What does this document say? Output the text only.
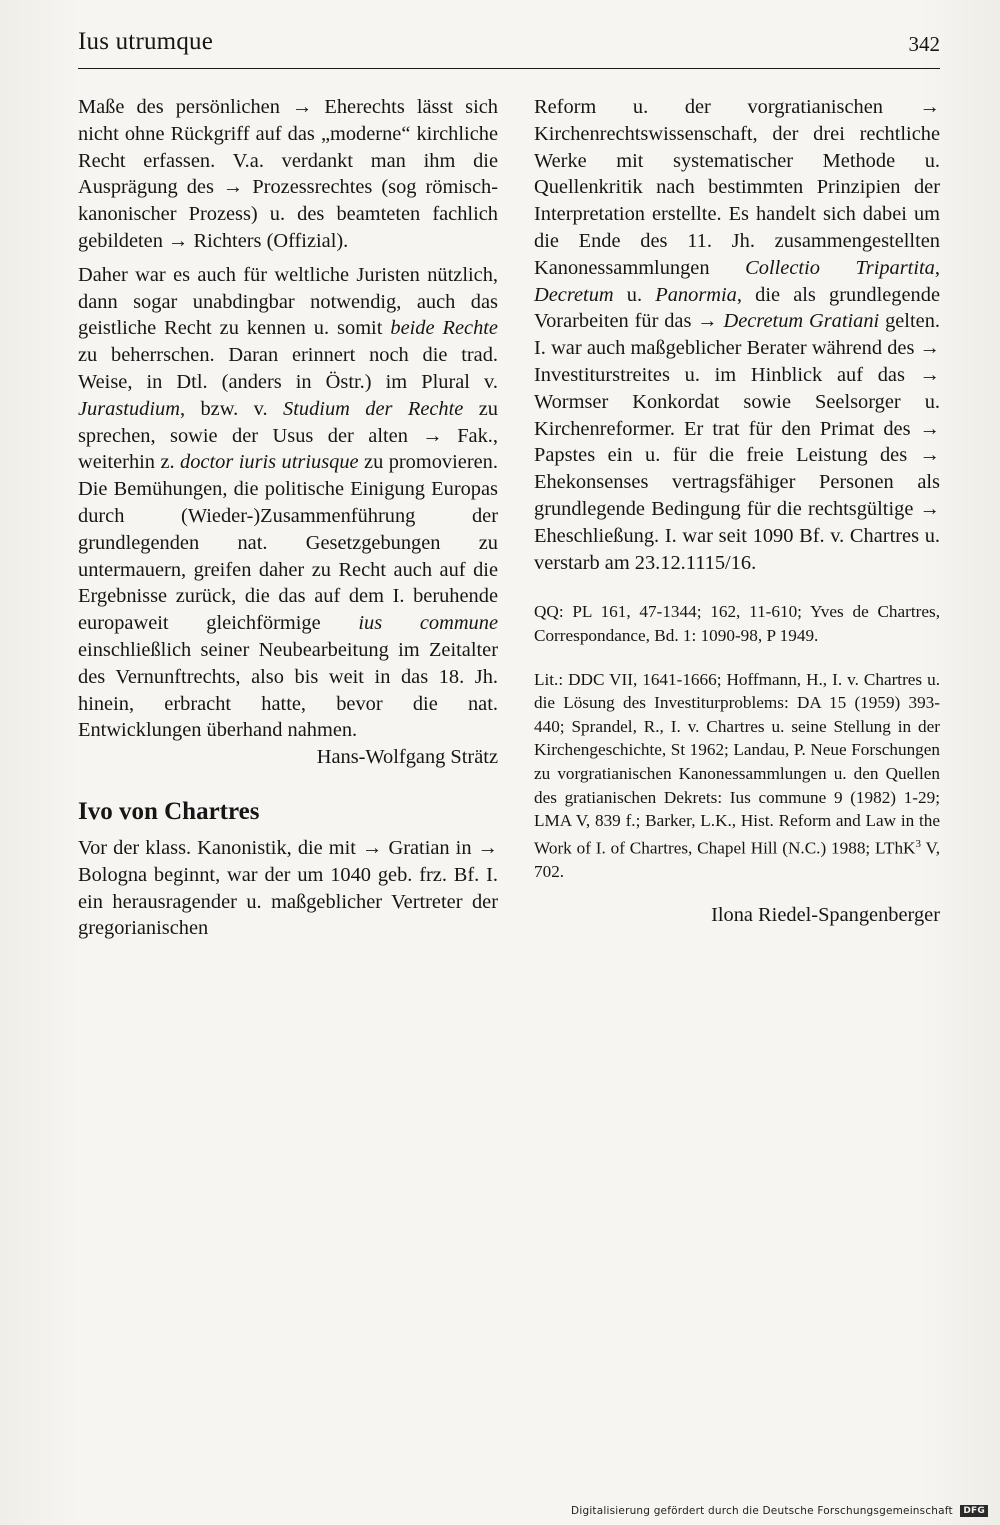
Ius utrumque	342

Maße des persönlichen → Eherechts lässt sich nicht ohne Rückgriff auf das „moderne“ kirchliche Recht erfassen. V.a. verdankt man ihm die Ausprägung des → Prozessrechtes (sog römisch-kanonischer Prozess) u. des beamteten fachlich gebildeten → Richters (Offizial).

Daher war es auch für weltliche Juristen nützlich, dann sogar unabdingbar notwendig, auch das geistliche Recht zu kennen u. somit beide Rechte zu beherrschen. Daran erinnert noch die trad. Weise, in Dtl. (anders in Östr.) im Plural v. Jurastudium, bzw. v. Studium der Rechte zu sprechen, sowie der Usus der alten → Fak., weiterhin z. doctor iuris utriusque zu promovieren. Die Bemühungen, die politische Einigung Europas durch (Wieder-)Zusammenführung der grundlegenden nat. Gesetzgebungen zu untermauern, greifen daher zu Recht auch auf die Ergebnisse zurück, die das auf dem I. beruhende europaweit gleichförmige ius commune einschließlich seiner Neubearbeitung im Zeitalter des Vernunftrechts, also bis weit in das 18. Jh. hinein, erbracht hatte, bevor die nat. Entwicklungen überhand nahmen.

Hans-Wolfgang Strätz

Ivo von Chartres

Vor der klass. Kanonistik, die mit → Gratian in → Bologna beginnt, war der um 1040 geb. frz. Bf. I. ein herausragender u. maßgeblicher Vertreter der gregorianischen

Reform u. der vorgratianischen → Kirchenrechtswissenschaft, der drei rechtliche Werke mit systematischer Methode u. Quellenkritik nach bestimmten Prinzipien der Interpretation erstellte. Es handelt sich dabei um die Ende des 11. Jh. zusammengestellten Kanonessammlungen Collectio Tripartita, Decretum u. Panormia, die als grundlegende Vorarbeiten für das → Decretum Gratiani gelten. I. war auch maßgeblicher Berater während des → Investiturstreites u. im Hinblick auf das → Wormser Konkordat sowie Seelsorger u. Kirchenreformer. Er trat für den Primat des → Papstes ein u. für die freie Leistung des → Ehekonsenses vertragsfähiger Personen als grundlegende Bedingung für die rechtsgültige → Eheschließung. I. war seit 1090 Bf. v. Chartres u. verstarb am 23.12.1115/16.

QQ: PL 161, 47-1344; 162, 11-610; Yves de Chartres, Correspondance, Bd. 1: 1090-98, P 1949.

Lit.: DDC VII, 1641-1666; Hoffmann, H., I. v. Chartres u. die Lösung des Investiturproblems: DA 15 (1959) 393-440; Sprandel, R., I. v. Chartres u. seine Stellung in der Kirchengeschichte, St 1962; Landau, P. Neue Forschungen zu vorgratianischen Kanonessammlungen u. den Quellen des gratianischen Dekrets: Ius commune 9 (1982) 1-29; LMA V, 839 f.; Barker, L.K., Hist. Reform and Law in the Work of I. of Chartres, Chapel Hill (N.C.) 1988; LThK$^3$ V, 702.

Ilona Riedel-Spangenberger

Digitalisierung gefördert durch die Deutsche Forschungsgemeinschaft DFG
